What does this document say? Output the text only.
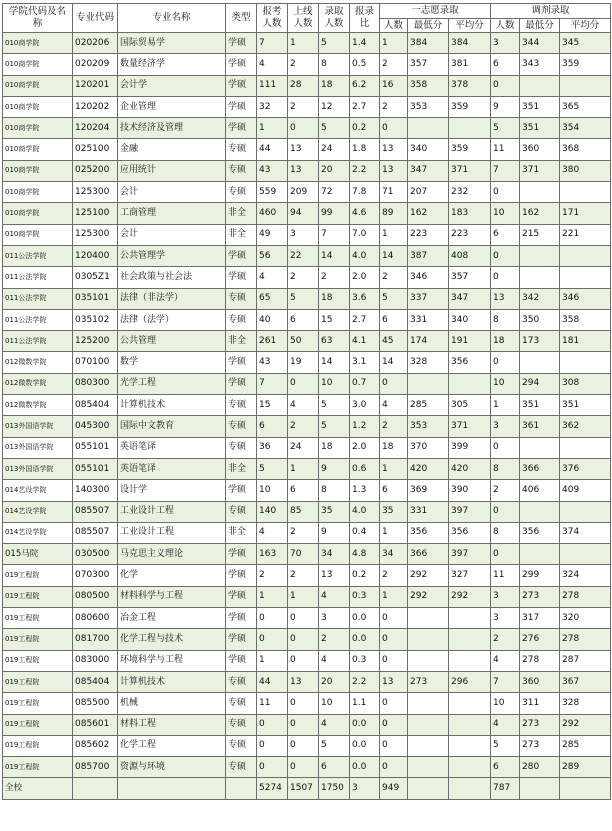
学院代码及名称	专业代码	专业名称	类型	报考人数	上线人数	录取人数	报录比	一志愿录取			调剂录取		
								人数	最低分	平均分	人数	最低分	平均分
010商学院	020206	国际贸易学	学硕	7	1	5	1.4	1	384	384	3	344	345
010商学院	020209	数量经济学	学硕	4	2	8	0.5	2	357	381	6	343	359
010商学院	120201	会计学	学硕	111	28	18	6.2	16	358	378	0		
010商学院	120202	企业管理	学硕	32	2	12	2.7	2	353	359	9	351	365
010商学院	120204	技术经济及管理	学硕	1	0	5	0.2	0			5	351	354
010商学院	025100	金融	专硕	44	13	24	1.8	13	340	359	11	360	368
010商学院	025200	应用统计	专硕	43	13	20	2.2	13	347	371	7	371	380
010商学院	125300	会计	专硕	559	209	72	7.8	71	207	232	0		
010商学院	125100	工商管理	非全	460	94	99	4.6	89	162	183	10	162	171
010商学院	125300	会计	非全	49	3	7	7.0	1	223	223	6	215	221
011公法学院	120400	公共管理学	学硕	56	22	14	4.0	14	387	408	0		
011公法学院	0305Z1	社会政策与社会法	学硕	4	2	2	2.0	2	346	357	0		
011公法学院	035101	法律（非法学）	专硕	65	5	18	3.6	5	337	347	13	342	346
011公法学院	035102	法律（法学）	专硕	40	6	15	2.7	6	331	340	8	350	358
011公法学院	125200	公共管理	非全	261	50	63	4.1	45	174	191	18	173	181
012微数学院	070100	数学	学硕	43	19	14	3.1	14	328	356	0		
012微数学院	080300	光学工程	学硕	7	0	10	0.7	0			10	294	308
012微数学院	085404	计算机技术	专硕	15	4	5	3.0	4	285	305	1	351	351
013外国语学院	045300	国际中文教育	专硕	6	2	5	1.2	2	353	371	3	361	362
013外国语学院	055101	英语笔译	专硕	36	24	18	2.0	18	370	399	0		
013外国语学院	055101	英语笔译	非全	5	1	9	0.6	1	420	420	8	366	376
014艺设学院	140300	设计学	学硕	10	6	8	1.3	6	369	390	2	406	409
014艺设学院	085507	工业设计工程	专硕	140	85	35	4.0	35	331	397	0		
014艺设学院	085507	工业设计工程	非全	4	2	9	0.4	1	356	356	8	356	374
015马院	030500	马克思主义理论	学硕	163	70	34	4.8	34	366	397	0		
019工程院	070300	化学	学硕	2	2	13	0.2	2	292	327	11	299	324
019工程院	080500	材料科学与工程	学硕	1	1	4	0.3	1	292	292	3	273	278
019工程院	080600	冶金工程	学硕	0	0	3	0.0	0			3	317	320
019工程院	081700	化学工程与技术	学硕	0	0	2	0.0	0			2	276	278
019工程院	083000	环境科学与工程	学硕	1	0	4	0.3	0			4	278	287
019工程院	085404	计算机技术	专硕	44	13	20	2.2	13	273	296	7	360	367
019工程院	085500	机械	专硕	11	0	10	1.1	0			10	311	328
019工程院	085601	材料工程	专硕	0	0	4	0.0	0			4	273	292
019工程院	085602	化学工程	专硕	0	0	5	0.0	0			5	273	285
019工程院	085700	资源与环境	专硕	0	0	6	0.0	0			6	280	289
全校				5274	1507	1750	3	949			787		
